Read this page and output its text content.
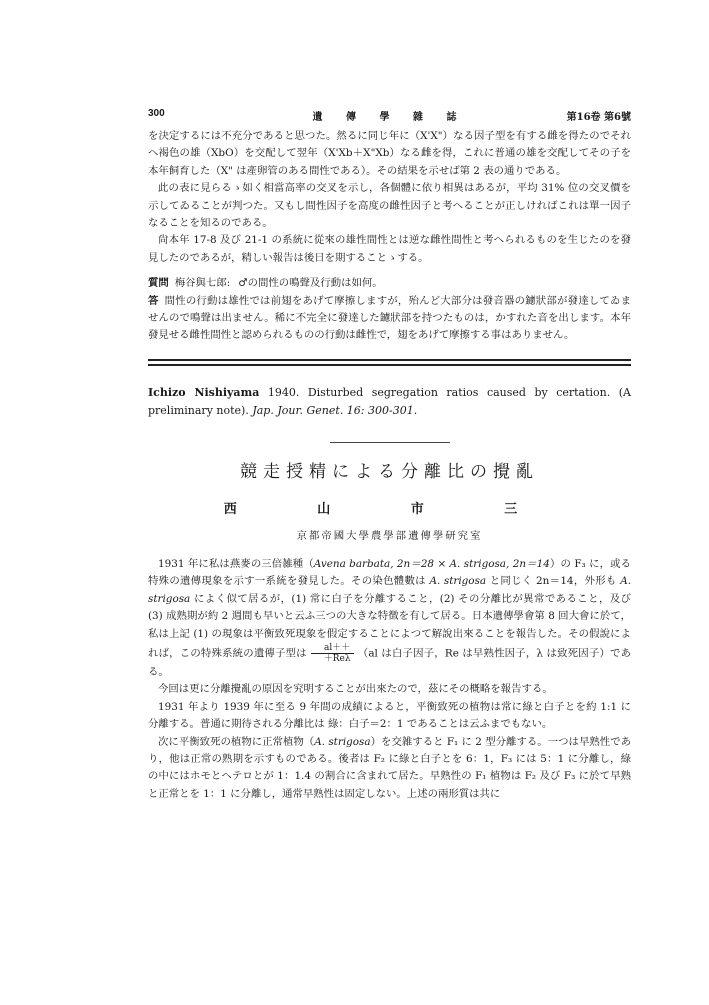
300	遺 傳 學 雜 誌	第16卷 第6號

を決定するには不充分であると思つた。然るに同じ年に（X'X"）なる因子型を有する雌を得たのでそれへ褐色の雄（XbO）を交配して翌年（X'Xb＋X"Xb）なる雌を得，これに普通の雄を交配してその子を本年飼育した（X" は產卵管のある間性である）。その結果を示せば第 2 表の通りである。

此の表に見らるゝ如く相當高率の交叉を示し，各個體に依り相異はあるが，平均 31% 位の交叉價を示してゐることが判つた。又もし間性因子を高度の雌性因子と考へることが正しければこれは單一因子なることを知るのである。

尙本年 17-8 及び 21-1 の系統に從來の雄性間性とは逆な雌性間性と考へられるものを生じたのを發見したのであるが，精しい報告は後日を期することゝする。

質問 梅谷與七郎: ♂の間性の鳴聲及行動は如何。

答 間性の行動は雄性では前翅をあげて摩擦しますが，殆んど大部分は發音器の鑢狀部が發達してゐませんので鳴聲は出ません。稀に不完全に發達した鑢狀部を持つたものは，かすれた音を出します。本年發見せる雌性間性と認められるものの行動は雌性で，翅をあげて摩擦する事はありません。

Ichizo Nishiyama 1940. Disturbed segregation ratios caused by certation. (A preliminary note). Jap. Jour. Genet. 16: 300-301.

競走授精による分離比の攪亂
西 山 市 三
京都帝國大學農學部遺傳學研究室

1931 年に私は燕麥の三倍雑種（Avena barbata, 2n＝28 × A. strigosa, 2n＝14）の F₃ に，或る特殊の遺傳現象を示す一系統を發見した。その染色體數は A. strigosa と同じく 2n＝14，外形も A. strigosa によく似て居るが，(1) 常に白子を分離すること，(2) その分離比が異常であること，及び (3) 成熟期が約 2 週間も早いと云ふ三つの大きな特徴を有して居る。日本遺傳學會第 8 回大會に於て，私は上記 (1) の現象は平衡致死現象を假定することによつて解說出來ることを報告した。その假說によれば，この特殊系統の遺傳子型は $\frac{al++}{\text{＋Reλ}} (al$ は白子因子，Re は早熟性因子，λ は致死因子）である。

今回は更に分離攪亂の原因を究明することが出來たので，茲にその概略を報告する。

1931 年より 1939 年に至る 9 年間の成績によると，平衡致死の植物は常に綠と白子とを約 1:1 に分離する。普通に期待される分離比は 綠：白子＝2：1 であることは云ふまでもない。

次に平衡致死の植物に正常植物（A. strigosa）を交雑すると F₁ に 2 型分離する。一つは早熟性であり，他は正常の熟期を示すものである。後者は F₂ に綠と白子とを 6：1，F₃ には 5：1 に分離し，綠の中にはホモとヘテロとが 1：1.4 の割合に含まれて居た。早熟性の F₁ 植物は F₂ 及び F₃ に於て早熟と正常とを 1：1 に分離し，通常早熟性は固定しない。上述の兩形質は共に
